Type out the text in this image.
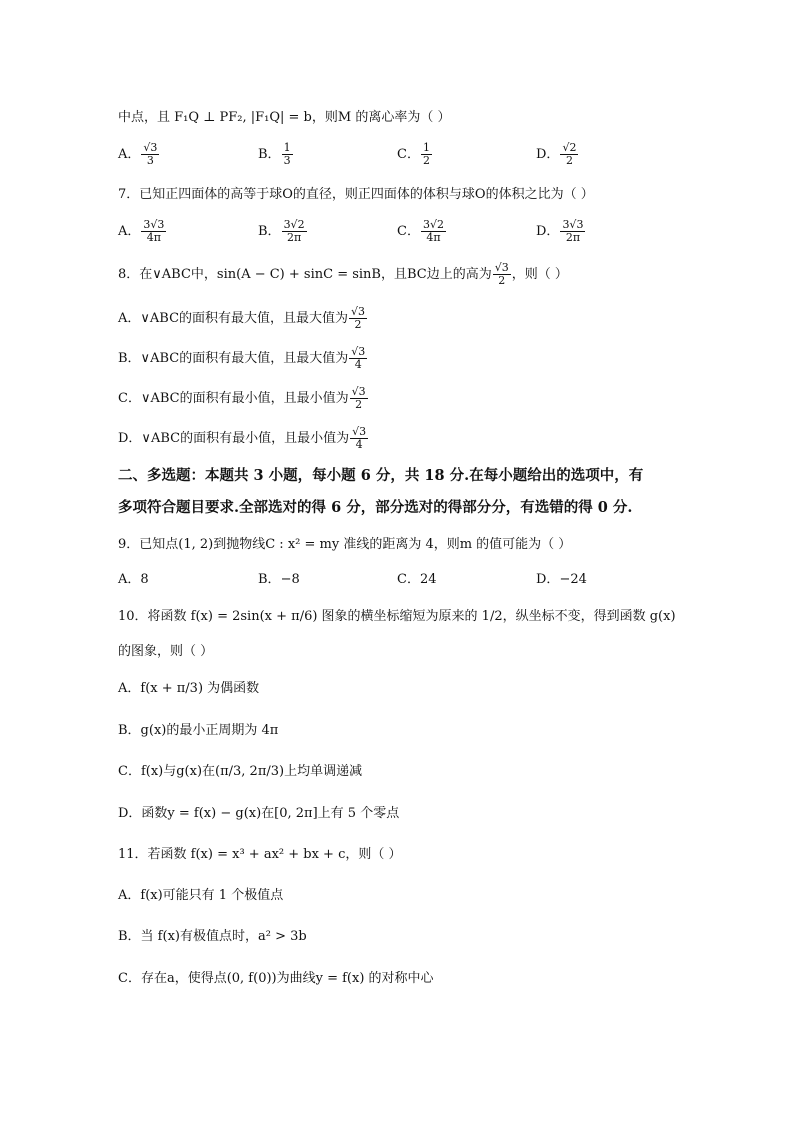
中点，且 F₁Q ⊥ PF₂, |F₁Q| = b，则M 的离心率为（ ）
A． $\frac{√3}{3}$	B． $\frac{1}{3}$	C． $\frac{1}{2}$	D． $\frac{√2}{2}$
7．已知正四面体的高等于球O的直径，则正四面体的体积与球O的体积之比为（ ）
A． $\frac{3√3}{4\pi}$	B． $\frac{3√2}{2\pi}$	C． $\frac{3√2}{4\pi}$	D． $\frac{3√3}{2\pi}$
8．在∨ABC中，sin(A − C) + sinC = sinB，且BC边上的高为 $\frac{√3}{2}$ ，则（ ）
A．∨ABC的面积有最大值，且最大值为 $\frac{√3}{2}$
B．∨ABC的面积有最大值，且最大值为 $\frac{√3}{4}$
C．∨ABC的面积有最小值，且最小值为 $\frac{√3}{2}$
D．∨ABC的面积有最小值，且最小值为 $\frac{√3}{4}$
二、多选题：本题共 3 小题，每小题 6 分，共 18 分.在每小题给出的选项中，有
多项符合题目要求.全部选对的得 6 分，部分选对的得部分分，有选错的得 0 分.
9．已知点(1, 2)到抛物线C : x² = my 准线的距离为 4，则m 的值可能为（ ）
A．8	B．−8	C．24	D．−24
10．将函数 f(x) = 2sin(x + π/6) 图象的横坐标缩短为原来的 1/2，纵坐标不变，得到函数 g(x)
的图象，则（ ）
A．f(x + π/3) 为偶函数
B．g(x)的最小正周期为 4π
C．f(x)与g(x)在(π/3, 2π/3)上均单调递减
D．函数y = f(x) − g(x)在[0, 2π]上有 5 个零点
11．若函数 f(x) = x³ + ax² + bx + c，则（ ）
A．f(x)可能只有 1 个极值点
B．当 f(x)有极值点时，a² > 3b
C．存在a，使得点(0, f(0))为曲线y = f(x) 的对称中心
